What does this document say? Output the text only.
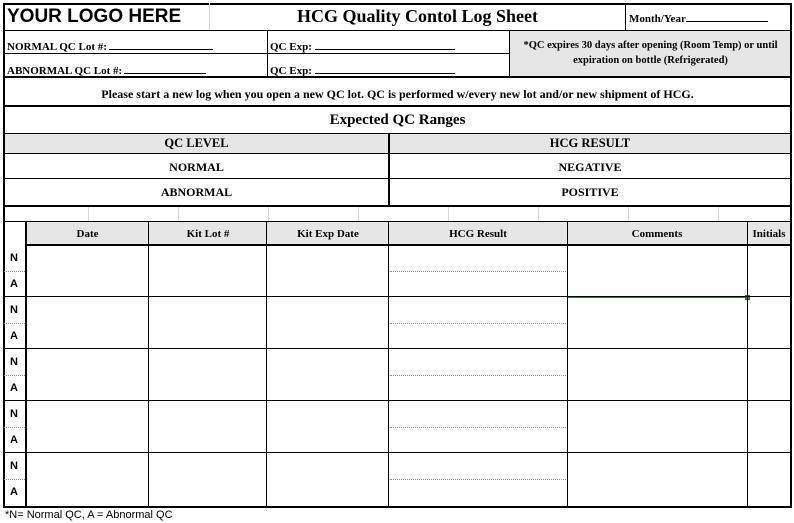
YOUR LOGO HERE	HCG Quality Contol Log Sheet	Month/Year
NORMAL QC Lot #:	QC Exp:
ABNORMAL QC Lot #:	QC Exp:
*QC expires 30 days after opening (Room Temp) or until expiration on bottle (Refrigerated)
Please start a new log when you open a new QC lot. QC is performed w/every new lot and/or new shipment of HCG.
Expected QC Ranges
QC LEVEL	HCG RESULT
NORMAL	NEGATIVE
ABNORMAL	POSITIVE
Date	Kit Lot #	Kit Exp Date	HCG Result	Comments	Initials
N
A
N
A
N
A
N
A
N
A
*N= Normal QC, A = Abnormal QC
